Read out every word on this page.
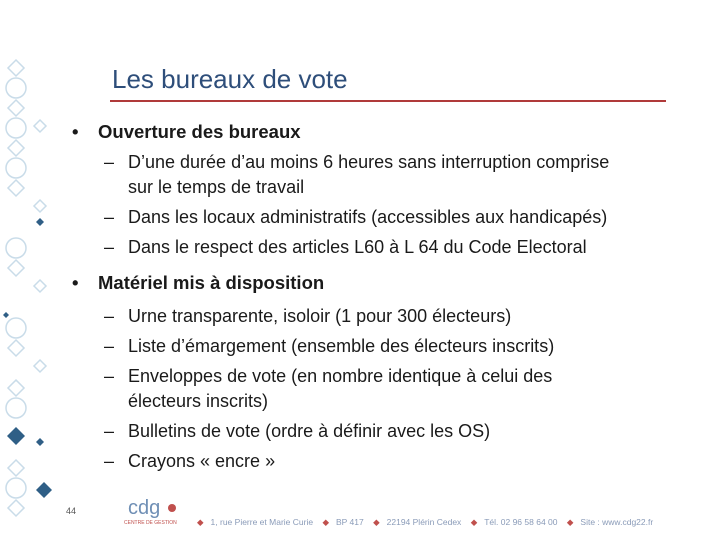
Les bureaux de vote
• Ouverture des bureaux
– D’une durée d’au moins 6 heures sans interruption comprise
sur le temps de travail
– Dans les locaux administratifs (accessibles aux handicapés)
– Dans le respect des articles L60 à L 64 du Code Electoral
• Matériel mis à disposition
– Urne transparente, isoloir (1 pour 300 électeurs)
– Liste d’émargement (ensemble des électeurs inscrits)
– Enveloppes de vote (en nombre identique à celui des
électeurs inscrits)
– Bulletins de vote (ordre à définir avec les OS)
– Crayons « encre »
44	cdg
CENTRE DE GESTION	◆ 1, rue Pierre et Marie Curie ◆ BP 417 ◆ 22194 Plérin Cedex ◆ Tél. 02 96 58 64 00 ◆ Site : www.cdg22.fr
